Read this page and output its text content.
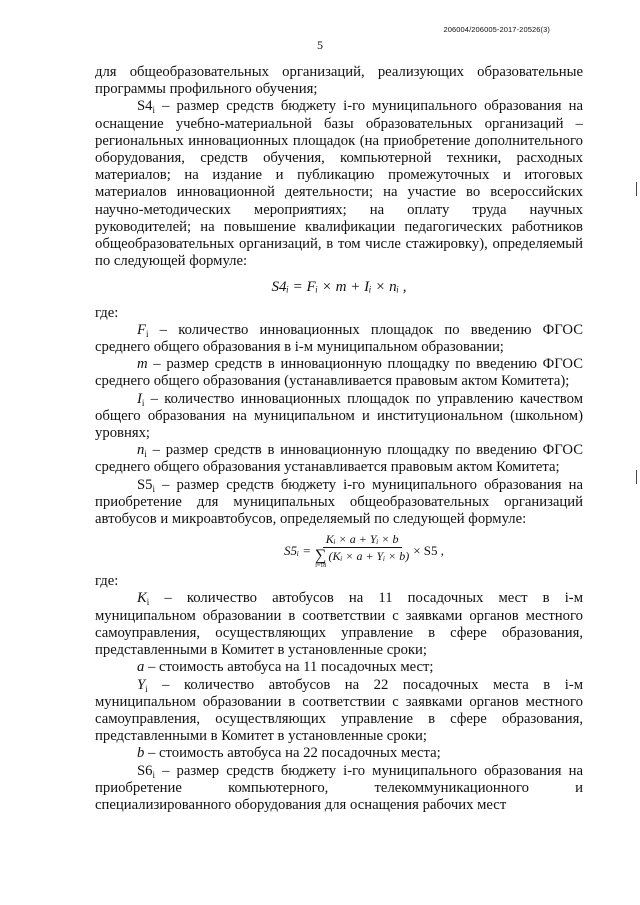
206004/206005-2017-20526(3)
5

для общеобразовательных организаций, реализующих образовательные программы профильного обучения;

$S4_i$ – размер средств бюджету i-го муниципального образования на оснащение учебно-материальной базы образовательных организаций – региональных инновационных площадок (на приобретение дополнительного оборудования, средств обучения, компьютерной техники, расходных материалов; на издание и публикацию промежуточных и итоговых материалов инновационной деятельности; на участие во всероссийских научно-методических мероприятиях; на оплату труда научных руководителей; на повышение квалификации педагогических работников общеобразовательных организаций, в том числе стажировку), определяемый по следующей формуле:

S4ᵢ = Fᵢ × m + Iᵢ × nᵢ ,

где:

$F_i$ – количество инновационных площадок по введению ФГОС среднего общего образования в i-м муниципальном образовании;

m – размер средств в инновационную площадку по введению ФГОС среднего общего образования (устанавливается правовым актом Комитета);

$I_i$ – количество инновационных площадок по управлению качеством общего образования на муниципальном и институциональном (школьном) уровнях;

$n_i$ – размер средств в инновационную площадку по введению ФГОС среднего общего образования устанавливается правовым актом Комитета;

$S5_i$ – размер средств бюджету i-го муниципального образования на приобретение для муниципальных общеобразовательных организаций автобусов и микроавтобусов, определяемый по следующей формуле:

S5ᵢ = Kᵢ × a + Yᵢ × b
∑
i=18
(Kᵢ × a + Yᵢ × b) × S5 ,

где:

$K_i$ – количество автобусов на 11 посадочных мест в i-м муниципальном образовании в соответствии с заявками органов местного самоуправления, осуществляющих управление в сфере образования, представленными в Комитет в установленные сроки;

a – стоимость автобуса на 11 посадочных мест;

$Y_i$ – количество автобусов на 22 посадочных места в i-м муниципальном образовании в соответствии с заявками органов местного самоуправления, осуществляющих управление в сфере образования, представленными в Комитет в установленные сроки;

b – стоимость автобуса на 22 посадочных места;

$S6_i$ – размер средств бюджету i-го муниципального образования на приобретение компьютерного, телекоммуникационного и специализированного оборудования для оснащения рабочих мест
